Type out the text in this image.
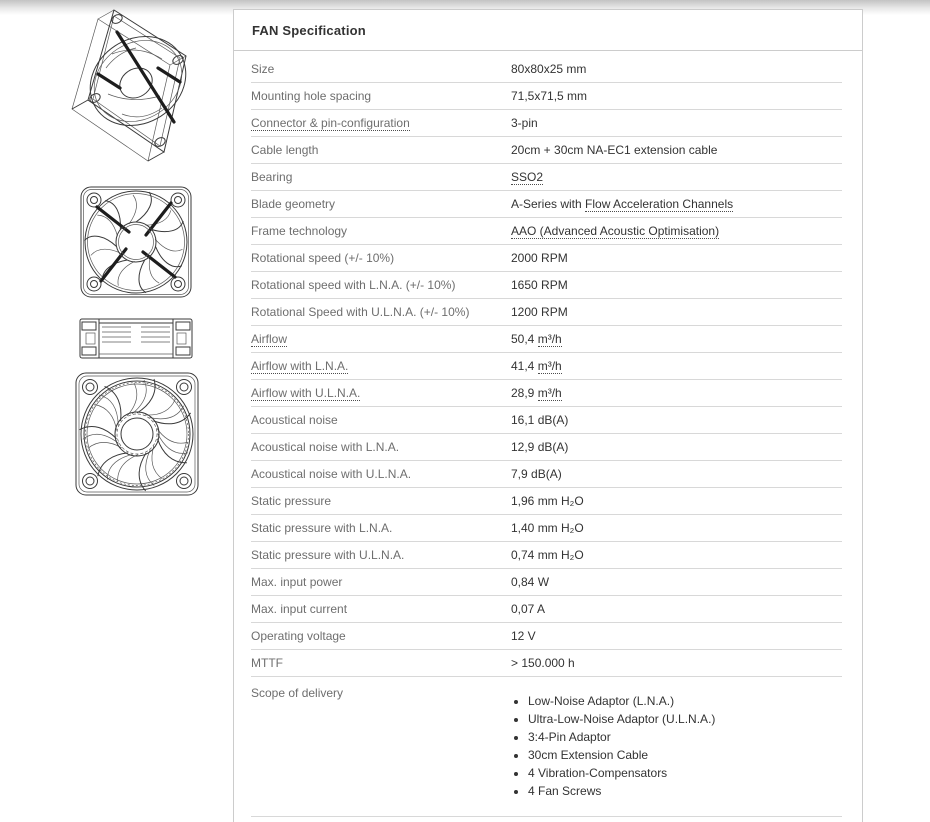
FAN Specification
Size	80x80x25 mm
Mounting hole spacing	71,5x71,5 mm
Connector & pin-configuration	3-pin
Cable length	20cm + 30cm NA-EC1 extension cable
Bearing	SSO2
Blade geometry	A-Series with Flow Acceleration Channels
Frame technology	AAO (Advanced Acoustic Optimisation)
Rotational speed (+/- 10%)	2000 RPM
Rotational speed with L.N.A. (+/- 10%)	1650 RPM
Rotational Speed with U.L.N.A. (+/- 10%)	1200 RPM
Airflow	50,4 m³/h
Airflow with L.N.A.	41,4 m³/h
Airflow with U.L.N.A.	28,9 m³/h
Acoustical noise	16,1 dB(A)
Acoustical noise with L.N.A.	12,9 dB(A)
Acoustical noise with U.L.N.A.	7,9 dB(A)
Static pressure	1,96 mm H₂O
Static pressure with L.N.A.	1,40 mm H₂O
Static pressure with U.L.N.A.	0,74 mm H₂O
Max. input power	0,84 W
Max. input current	0,07 A
Operating voltage	12 V
MTTF	> 150.000 h
Scope of delivery
• Low-Noise Adaptor (L.N.A.)
• Ultra-Low-Noise Adaptor (U.L.N.A.)
• 3:4-Pin Adaptor
• 30cm Extension Cable
• 4 Vibration-Compensators
• 4 Fan Screws
